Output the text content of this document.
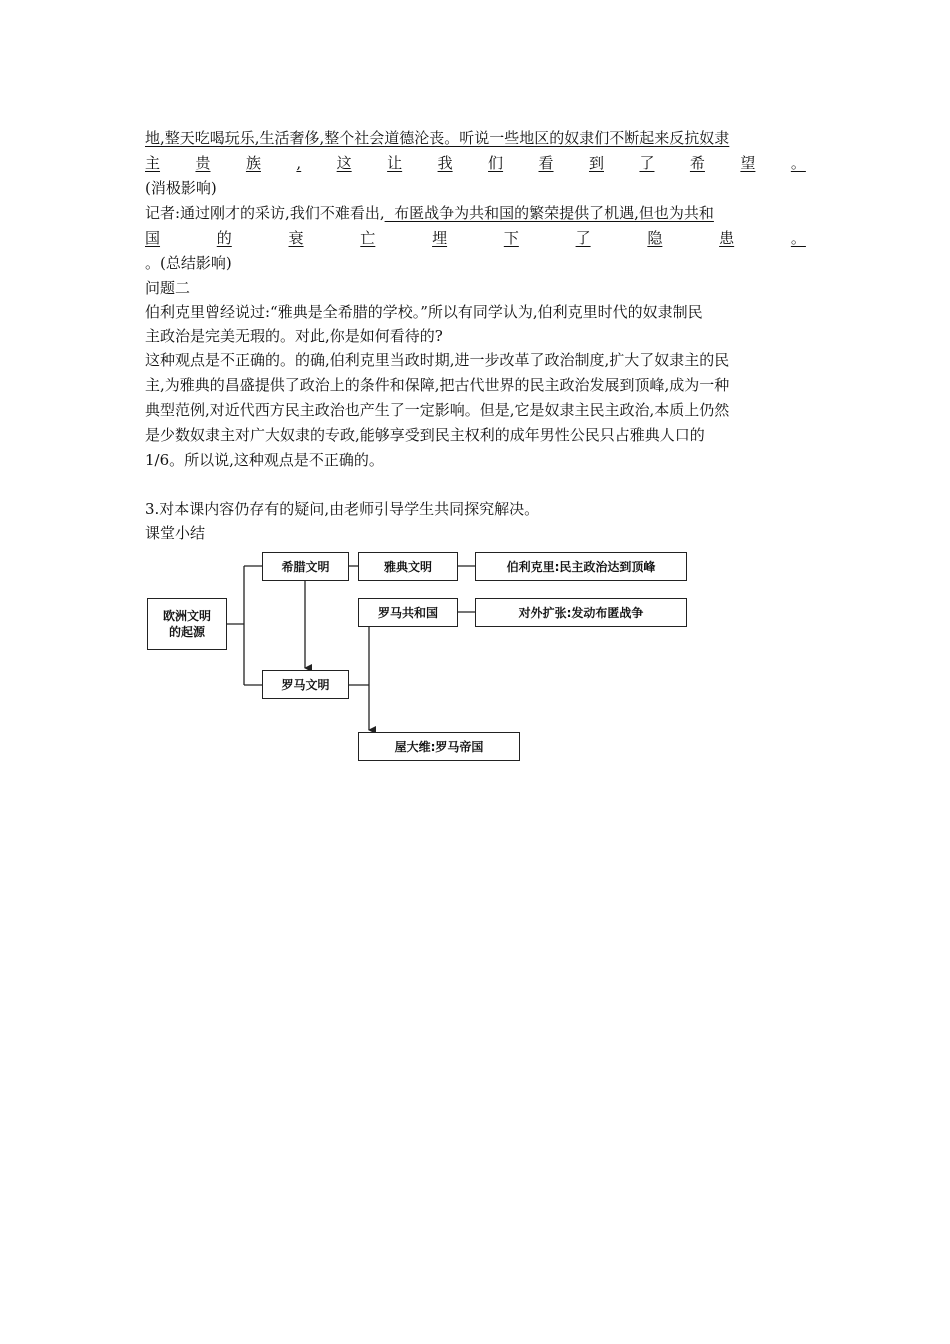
地,整天吃喝玩乐,生活奢侈,整个社会道德沦丧。听说一些地区的奴隶们不断起来反抗奴隶
主 贵 族 , 这 让 我 们 看 到 了 希 望 。
(消极影响)
记者:通过刚才的采访,我们不难看出,  布匿战争为共和国的繁荣提供了机遇,但也为共和
国	的	衰	亡	埋	下	了	隐	患	。
。(总结影响)
问题二
伯利克里曾经说过:“雅典是全希腊的学校。”所以有同学认为,伯利克里时代的奴隶制民
主政治是完美无瑕的。对此,你是如何看待的?
这种观点是不正确的。的确,伯利克里当政时期,进一步改革了政治制度,扩大了奴隶主的民
主,为雅典的昌盛提供了政治上的条件和保障,把古代世界的民主政治发展到顶峰,成为一种
典型范例,对近代西方民主政治也产生了一定影响。但是,它是奴隶主民主政治,本质上仍然
是少数奴隶主对广大奴隶的专政,能够享受到民主权利的成年男性公民只占雅典人口的
1/6。所以说,这种观点是不正确的。
3.对本课内容仍存有的疑问,由老师引导学生共同探究解决。
课堂小结
欧洲文明
的起源
希腊文明	雅典文明	伯利克里:民主政治达到顶峰
罗马共和国	对外扩张:发动布匿战争
罗马文明
屋大维:罗马帝国
